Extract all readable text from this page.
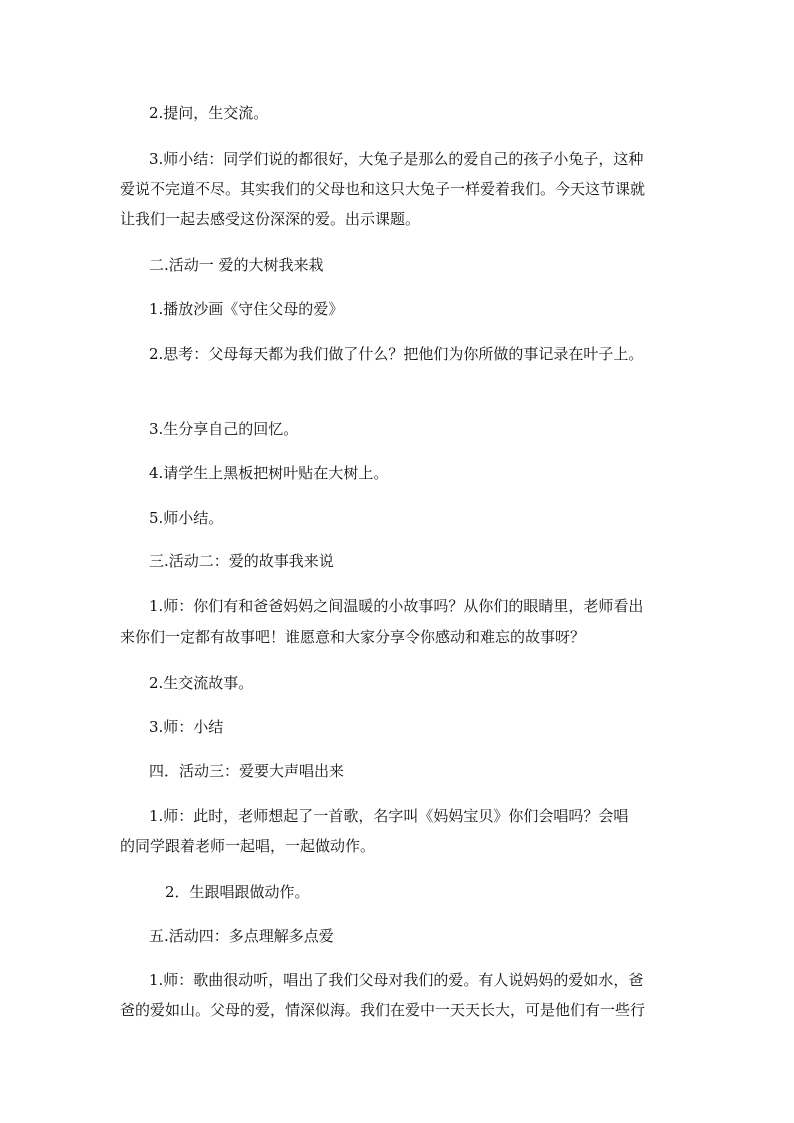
2.提问，生交流。
3.师小结：同学们说的都很好，大兔子是那么的爱自己的孩子小兔子，这种
爱说不完道不尽。其实我们的父母也和这只大兔子一样爱着我们。今天这节课就
让我们一起去感受这份深深的爱。出示课题。
二.活动一 爱的大树我来栽
1.播放沙画《守住父母的爱》
2.思考：父母每天都为我们做了什么？把他们为你所做的事记录在叶子上。
3.生分享自己的回忆。
4.请学生上黑板把树叶贴在大树上。
5.师小结。
三.活动二：爱的故事我来说
1.师：你们有和爸爸妈妈之间温暖的小故事吗？从你们的眼睛里，老师看出
来你们一定都有故事吧！谁愿意和大家分享令你感动和难忘的故事呀？
2.生交流故事。
3.师：小结
四．活动三：爱要大声唱出来
1.师：此时，老师想起了一首歌，名字叫《妈妈宝贝》你们会唱吗？会唱
的同学跟着老师一起唱，一起做动作。
2．生跟唱跟做动作。
五.活动四：多点理解多点爱
1.师：歌曲很动听，唱出了我们父母对我们的爱。有人说妈妈的爱如水，爸
爸的爱如山。父母的爱，情深似海。我们在爱中一天天长大，可是他们有一些行
